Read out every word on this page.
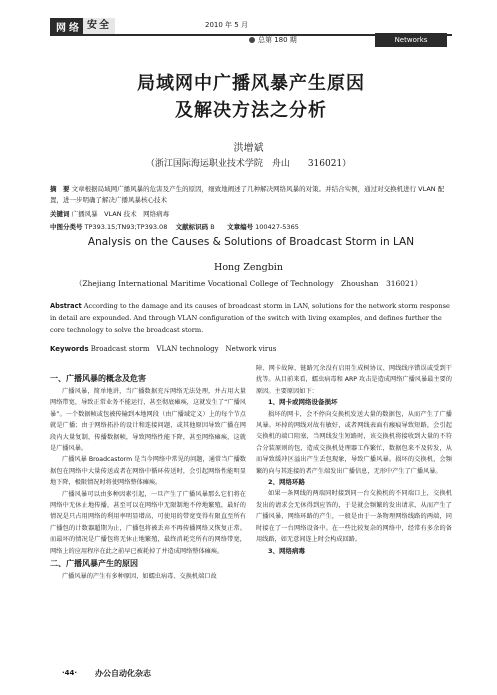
网络 安全	2010 年 5 月
总第 180 期	Networks
局域网中广播风暴产生原因
及解决方法之分析
洪增斌
（浙江国际海运职业技术学院　舟山　　316021）
摘　要 文章根据局域网广播风暴的危害及产生的原因，细致地阐述了几种解决网络风暴的对策。并结合实例，通过对交换机进行 VLAN 配置，进一步明确了解决广播风暴核心技术
关键词 广播风暴　VLAN 技术　网络病毒
中图分类号 TP393.15;TN93;TP393.08 文献标识码 B 文章编号 100427-5365
Analysis on the Causes & Solutions of Broadcast Storm in LAN
Hong Zengbin
（Zhejiang International Maritime Vocational College of Technology　Zhoushan　316021）
Abstract According to the damage and its causes of broadcast storm in LAN, solutions for the network storm response in detail are expounded. And through VLAN configuration of the switch with living examples, and defines further the core technology to solve the broadcast storm.
Keywords Broadcast storm　VLAN technology　Network virus
一、广播风暴的概念及危害

广播风暴，简单地讲，当广播数据充斥网络无法处理，并占用大量网络带宽，导致正常业务不能运行，甚至彻底瘫痪，这就发生了“广播风暴”。一个数据帧或包被传输到本地网段（由广播域定义）上的每个节点就是广播；由于网络拓扑的设计和连接问题，或其他原因导致广播在网段内大量复制，传播数据帧，导致网络性能下降，甚至网络瘫痪，这就是广播风暴。

广播风暴 Broadcastorm 是当今网络中常见的问题，通常当广播数据包在网络中大量传送或者在网络中循环传送时，会引起网络性能明显地下降，极限情况时将使网络整体瘫痪。

广播风暴可以由多种因素引起，一旦产生了广播风暴那么它们将在网络中无休止地传播，甚至可以在网络中无限制地不停地繁殖，最好的情况是只占用网络的利用率明显增高，可使用的带宽变得有限直至所有广播包的计数器超期为止，广播包将被丢弃不再传播网络又恢复正常。而最坏的情况是广播包将无休止地繁殖，最终消耗完所有的网络带宽，网络上的应用程序在此之前早已被耗掉了并造成网络整体瘫痪。

二、广播风暴产生的原因

广播风暴的产生有多种原因，如蠕虫病毒、交换机端口故

障、网卡故障、链路冗余没有启用生成树协议、网线线序错误或受到干扰等。从目前来看，蠕虫病毒和 ARP 攻击是造成网络广播风暴最主要的原因。主要原因如下：

1、网卡或网络设备损坏

损坏的网卡，会不停向交换机发送大量的数据包，从而产生了广播风暴。坏掉的网线对故有敏好，或者网线表面有瘢痕导致短路，会引起交换机的端口阻塞，当网线发生短路时，该交换机将接收到大量的不符合分装原则的包，造成交换机处理器工作繁忙，数据包来不及转发，从而导致缓冲区溢出产生丢包现象，导致广播风暴。损坏的交换机，会频繁的向与其连接的者产生端发出广播信息，无形中产生了广播风暴。

2、网络环路

如果一条网线的两端同时接到同一台交换机的不同端口上，交换机发出的请求会无休得到应答的，于是就会频繁的发出请求，从而产生了广播风暴，网络环路的产生，一般是由于一条物理网络线路的两端，同时接在了一台网络设备中。在一些比较复杂的网络中，经常有多余的备用线路，如无意间连上时会构成回路。

3、网络病毒
·44· 办公自动化杂志
